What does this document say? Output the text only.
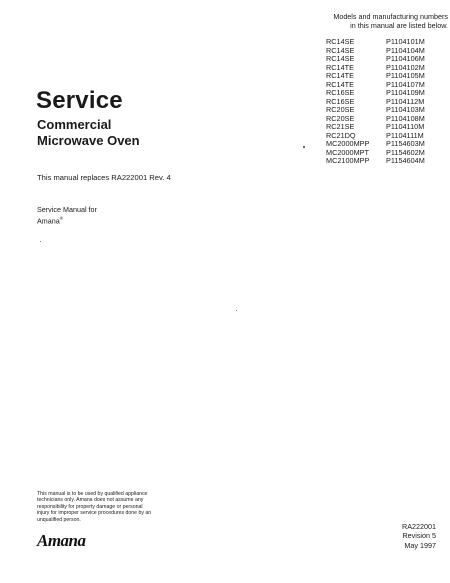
Models and manufacturing numbers
in this manual are listed below.
RC14SE	P1104101M
RC14SE	P1104104M
RC14SE	P1104106M
RC14TE	P1104102M
RC14TE	P1104105M
RC14TE	P1104107M
RC16SE	P1104109M
RC16SE	P1104112M
RC20SE	P1104103M
RC20SE	P1104108M
RC21SE	P1104110M
RC21DQ	P1104111M
MC2000MPP	P1154603M
MC2000MPT	P1154602M
MC2100MPP	P1154604M
Service
Commercial
Microwave Oven
This manual replaces RA222001 Rev. 4
Service Manual for
Amana®
This manual is to be used by qualified appliance
technicians only. Amana does not assume any
responsibility for property damage or personal
injury for improper service procedures done by an
unqualified person.
Amana
RA222001
Revision 5
May 1997
